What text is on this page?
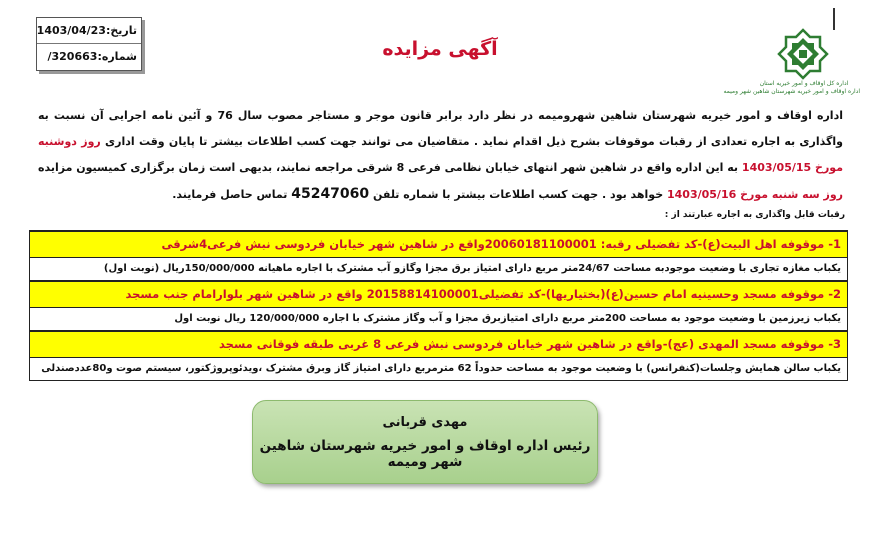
تاریخ:1403/04/23
شماره:320663/	آگهی مزایده
اداره کل اوقاف و امور خیریه استان
اداره اوقاف و امور خیریه شهرستان شاهین شهر ومیمه
اداره اوقاف و امور خیریه شهرستان شاهین شهرومیمه در نظر دارد برابر قانون موجر و مستاجر مصوب سال 76 و آئین نامه اجرایی آن نسبت به واگذاری به اجاره تعدادی از رقبات موقوفات بشرح ذیل اقدام نماید . متقاضیان می توانند جهت کسب اطلاعات بیشتر تا پایان وقت اداری روز دوشنبه مورخ 1403/05/15 به این اداره واقع در شاهین شهر انتهای خیابان نظامی فرعی 8 شرقی مراجعه نمایند، بدیهی است زمان برگزاری کمیسیون مزایده روز سه شنبه مورخ 1403/05/16 خواهد بود . جهت کسب اطلاعات بیشتر با شماره تلفن 45247060 تماس حاصل فرمایند.
رقبات قابل واگذاری به اجاره عبارتند از :
1- موقوفه اهل البیت(ع)-کد تفضیلی رقبه: 20060181100001واقع در شاهین شهر خیابان فردوسی نبش فرعی4شرقی
یکباب مغازه تجاری با وضعیت موجودبه مساحت 24/67متر مربع دارای امتیاز برق مجزا وگازو آب مشترک با اجاره ماهیانه 150/000/000ریال (نوبت اول)
2- موقوفه مسجد وحسینیه امام حسین(ع)(بختیاریها)-کد تفضیلی20158814100001 واقع در شاهین شهر بلوارامام جنب مسجد
یکباب زیرزمین با وضعیت موجود به مساحت 200متر مربع دارای امتیازبرق مجزا و آب وگاز مشترک با اجاره 120/000/000 ریال نوبت اول
3- موقوفه مسجد المهدی (عج)-واقع در شاهین شهر خیابان فردوسی نبش فرعی 8 غربی طبقه فوقانی مسجد
یکباب سالن همایش وجلسات(کنفرانس) با وضعیت موجود به مساحت حدوداً 62 مترمربع دارای امتیاز گاز وبرق مشترک ،ویدئوپروژکتور، سیستم صوت و80عددصندلی
مهدی قربانی
رئیس اداره اوقاف و امور خیریه شهرستان شاهین شهر ومیمه
